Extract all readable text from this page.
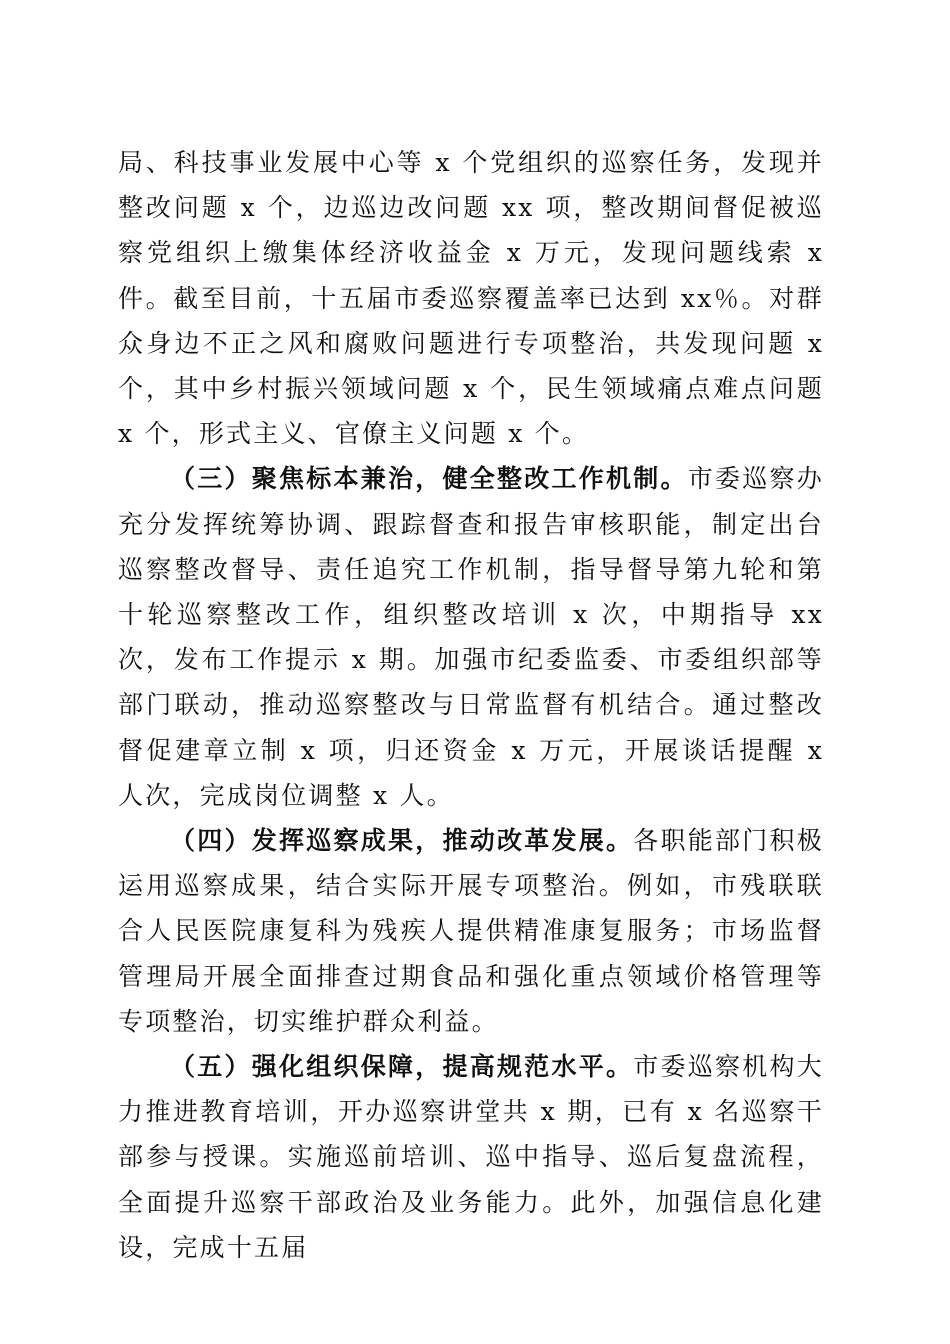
局、科技事业发展中心等 x 个党组织的巡察任务，发现并整改问题 x 个，边巡边改问题 xx 项，整改期间督促被巡察党组织上缴集体经济收益金 x 万元，发现问题线索 x 件。截至目前，十五届市委巡察覆盖率已达到 xx％。对群众身边不正之风和腐败问题进行专项整治，共发现问题 x 个，其中乡村振兴领域问题 x 个，民生领域痛点难点问题 x 个，形式主义、官僚主义问题 x 个。

（三）聚焦标本兼治，健全整改工作机制。市委巡察办充分发挥统筹协调、跟踪督查和报告审核职能，制定出台巡察整改督导、责任追究工作机制，指导督导第九轮和第十轮巡察整改工作，组织整改培训 x 次，中期指导 xx 次，发布工作提示 x 期。加强市纪委监委、市委组织部等部门联动，推动巡察整改与日常监督有机结合。通过整改督促建章立制 x 项，归还资金 x 万元，开展谈话提醒 x 人次，完成岗位调整 x 人。

（四）发挥巡察成果，推动改革发展。各职能部门积极运用巡察成果，结合实际开展专项整治。例如，市残联联合人民医院康复科为残疾人提供精准康复服务；市场监督管理局开展全面排查过期食品和强化重点领域价格管理等专项整治，切实维护群众利益。

（五）强化组织保障，提高规范水平。市委巡察机构大力推进教育培训，开办巡察讲堂共 x 期，已有 x 名巡察干部参与授课。实施巡前培训、巡中指导、巡后复盘流程，全面提升巡察干部政治及业务能力。此外，加强信息化建设，完成十五届
